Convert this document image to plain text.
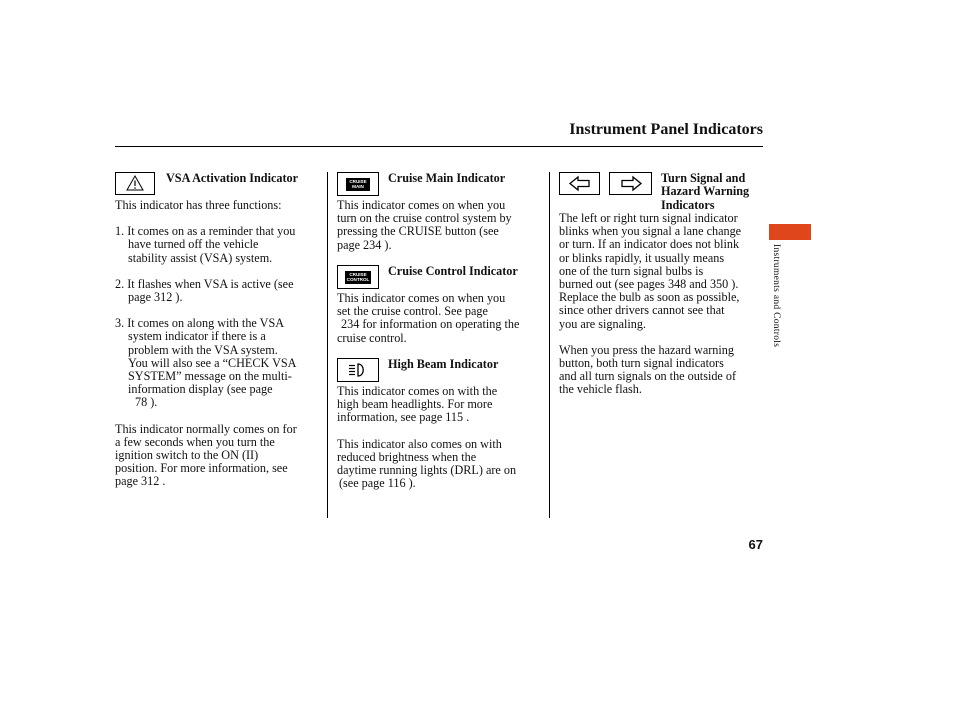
Instrument Panel Indicators
Instruments and Controls
67
VSA Activation Indicator

This indicator has three functions:

1. It comes on as a reminder that you
have turned off the vehicle
stability assist (VSA) system.

2. It flashes when VSA is active (see
page 312 ).

3. It comes on along with the VSA
system indicator if there is a
problem with the VSA system.
You will also see a “CHECK VSA
SYSTEM” message on the multi-
information display (see page
78 ).

This indicator normally comes on for
a few seconds when you turn the
ignition switch to the ON (II)
position. For more information, see
page 312 .

CRUISE
MAIN
Cruise Main Indicator
This indicator comes on when you
turn on the cruise control system by
pressing the CRUISE button (see
page 234 ).
CRUISE
CONTROL
Cruise Control Indicator
This indicator comes on when you
set the cruise control. See page
234 for information on operating the
cruise control.
High Beam Indicator
This indicator comes on with the
high beam headlights. For more
information, see page 115 .
This indicator also comes on with
reduced brightness when the
daytime running lights (DRL) are on
(see page 116 ).
Turn Signal and
Hazard Warning
Indicators
The left or right turn signal indicator
blinks when you signal a lane change
or turn. If an indicator does not blink
or blinks rapidly, it usually means
one of the turn signal bulbs is
burned out (see pages 348 and 350 ).
Replace the bulb as soon as possible,
since other drivers cannot see that
you are signaling.
When you press the hazard warning
button, both turn signal indicators
and all turn signals on the outside of
the vehicle flash.
